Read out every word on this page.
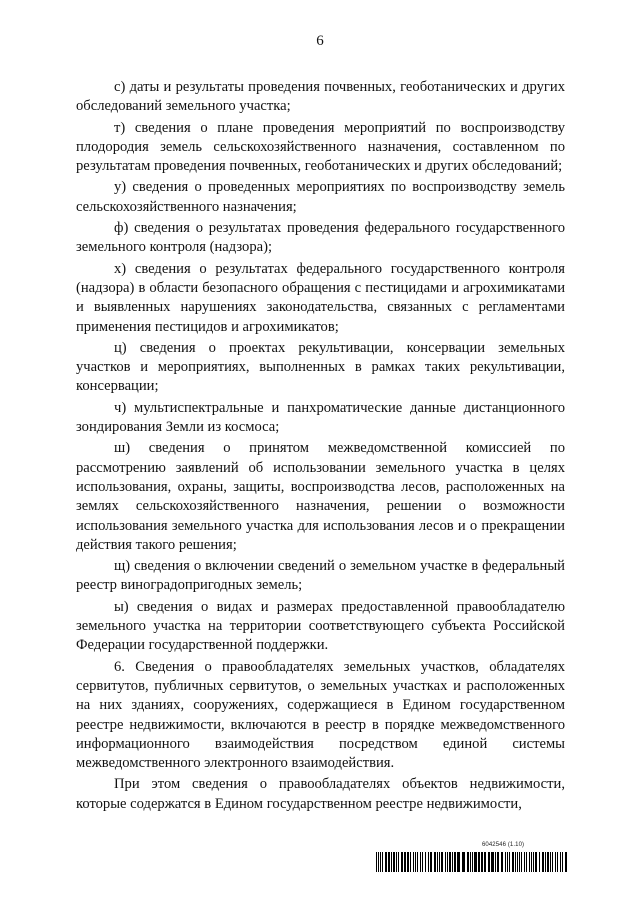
6

с) даты и результаты проведения почвенных, геоботанических и других обследований земельного участка;

т) сведения о плане проведения мероприятий по воспроизводству плодородия земель сельскохозяйственного назначения, составленном по результатам проведения почвенных, геоботанических и других обследований;

у) сведения о проведенных мероприятиях по воспроизводству земель сельскохозяйственного назначения;

ф) сведения о результатах проведения федерального государственного земельного контроля (надзора);

х) сведения о результатах федерального государственного контроля (надзора) в области безопасного обращения с пестицидами и агрохимикатами и выявленных нарушениях законодательства, связанных с регламентами применения пестицидов и агрохимикатов;

ц) сведения о проектах рекультивации, консервации земельных участков и мероприятиях, выполненных в рамках таких рекультивации, консервации;

ч) мультиспектральные и панхроматические данные дистанционного зондирования Земли из космоса;

ш) сведения о принятом межведомственной комиссией по рассмотрению заявлений об использовании земельного участка в целях использования, охраны, защиты, воспроизводства лесов, расположенных на землях сельскохозяйственного назначения, решении о возможности использования земельного участка для использования лесов и о прекращении действия такого решения;

щ) сведения о включении сведений о земельном участке в федеральный реестр виноградопригодных земель;

ы) сведения о видах и размерах предоставленной правообладателю земельного участка на территории соответствующего субъекта Российской Федерации государственной поддержки.

6. Сведения о правообладателях земельных участков, обладателях сервитутов, публичных сервитутов, о земельных участках и расположенных на них зданиях, сооружениях, содержащиеся в Едином государственном реестре недвижимости, включаются в реестр в порядке межведомственного информационного взаимодействия посредством единой системы межведомственного электронного взаимодействия.

При этом сведения о правообладателях объектов недвижимости, которые содержатся в Едином государственном реестре недвижимости,

6042546 (1.10)
